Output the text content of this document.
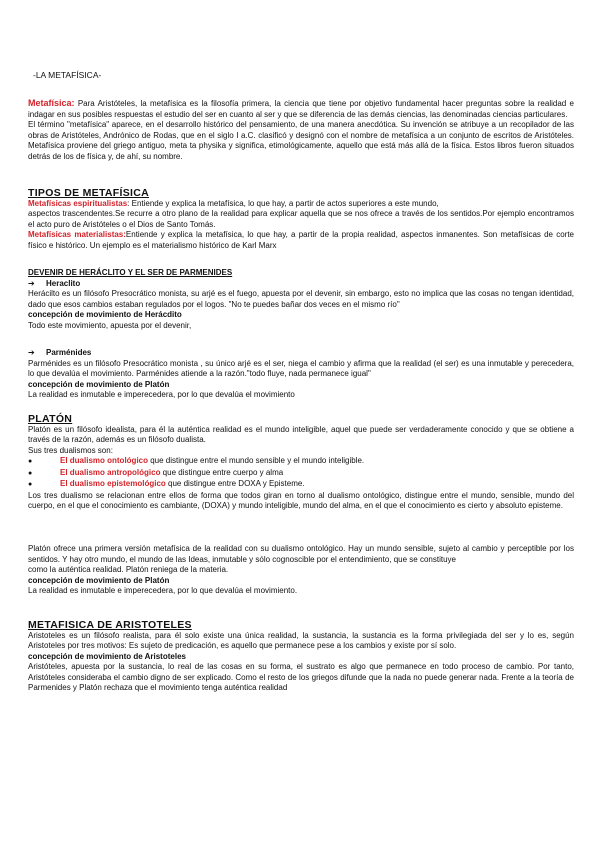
-LA METAFÍSICA-

Metafísica: Para Aristóteles, la metafísica es la filosofía primera, la ciencia que tiene por objetivo fundamental hacer preguntas sobre la realidad e indagar en sus posibles respuestas el estudio del ser en cuanto al ser y que se diferencia de las demás ciencias, las denominadas ciencias particulares.

El término "metafísica" aparece, en el desarrollo histórico del pensamiento, de una manera anecdótica. Su invención se atribuye a un recopilador de las obras de Aristóteles, Andrónico de Rodas, que en el siglo I a.C. clasificó y designó con el nombre de metafísica a un conjunto de escritos de Aristóteles. Metafísica proviene del griego antiguo, meta ta physika y significa, etimológicamente, aquello que está más allá de la física. Estos libros fueron situados detrás de los de física y, de ahí, su nombre.

TIPOS DE METAFÍSICA

Metafísicas espiritualistas: Entiende y explica la metafísica, lo que hay, a partir de actos superiores a este mundo,

aspectos trascendentes.Se recurre a otro plano de la realidad para explicar aquella que se nos ofrece a través de los sentidos.Por ejemplo encontramos el acto puro de Aristóteles o el Dios de Santo Tomás.

Metafísicas materialistas:Entiende y explica la metafísica, lo que hay, a partir de la propia realidad, aspectos inmanentes. Son metafísicas de corte físico e histórico. Un ejemplo es el materialismo histórico de Karl Marx

DEVENIR DE HERÁCLITO Y EL SER DE PARMENIDES
➔	Heraclito

Herácilto es un filósofo Presocrático monista, su arjé es el fuego, apuesta por el devenir, sin embargo, esto no implica que las cosas no tengan identidad, dado que esos cambios estaban regulados por el logos. "No te puedes bañar dos veces en el mismo río"

concepción de movimiento de Herácdito

Todo este movimiento, apuesta por el devenir,

➔	Parménides

Parménides es un filósofo Presocrático monista , su único arjé es el ser, niega el cambio y afirma que la realidad (el ser) es una inmutable y perecedera, lo que devalúa el movimiento. Parménides atiende a la razón."todo fluye, nada permanece igual"

concepción de movimiento de Platón

La realidad es inmutable e imperecedera, por lo que devalúa el movimiento

PLATÓN

Platón es un filósofo idealista, para él la auténtica realidad es el mundo inteligible, aquel que puede ser verdaderamente conocido y que se obtiene a través de la razón, además es un filósofo dualista.

Sus tres dualismos son:

●	El dualismo ontológico que distingue entre el mundo sensible y el mundo inteligible.
●	El dualismo antropológico que distingue entre cuerpo y alma
●	El dualismo epistemológico que distingue entre DOXA y Episteme.

Los tres dualismo se relacionan entre ellos de forma que todos giran en torno al dualismo ontológico, distingue entre el mundo, sensible, mundo del cuerpo, en el que el conocimiento es cambiante, (DOXA) y mundo inteligible, mundo del alma, en el que el conocimiento es cierto y absoluto episteme.

Platón ofrece una primera versión metafísica de la realidad con su dualismo ontológico. Hay un mundo sensible, sujeto al cambio y perceptible por los sentidos. Y hay otro mundo, el mundo de las Ideas, inmutable y sólo cognoscible por el entendimiento, que se constituye

como la auténtica realidad. Platón reniega de la materia.

concepción de movimiento de Platón

La realidad es inmutable e imperecedera, por lo que devalúa el movimiento.

METAFISICA DE ARISTOTELES

Aristoteles es un filósofo realista, para él solo existe una única realidad, la sustancia, la sustancia es la forma privilegiada del ser y lo es, según Aristoteles por tres motivos: Es sujeto de predicación, es aquello que permanece pese a los cambios y existe por sí solo.

concepción de movimiento de Aristoteles

Aristóteles, apuesta por la sustancia, lo real de las cosas en su forma, el sustrato es algo que permanece en todo proceso de cambio. Por tanto, Aristóteles consideraba el cambio digno de ser explicado. Como el resto de los griegos difunde que la nada no puede generar nada. Frente a la teoría de Parmenides y Platón rechaza que el movimiento tenga auténtica realidad
